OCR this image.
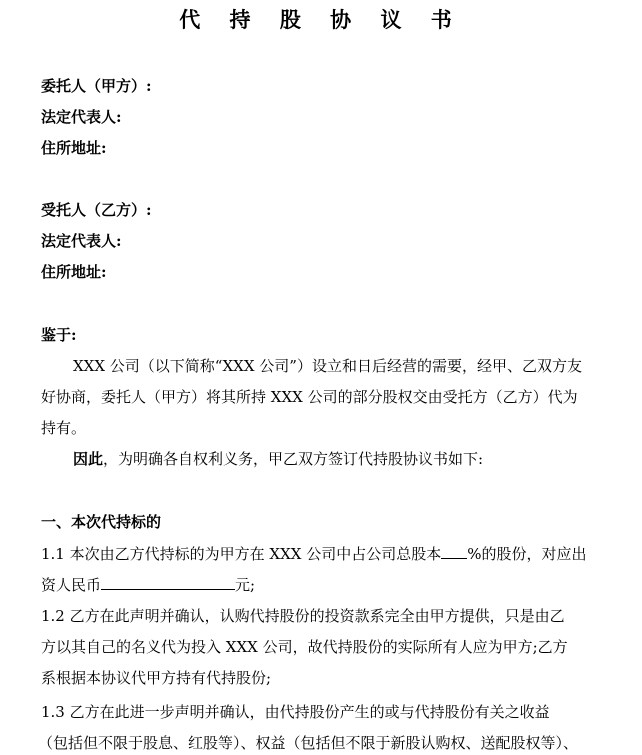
代 持 股 协 议 书
委托人（甲方）:
法定代表人:
住所地址:
受托人（乙方）:
法定代表人:
住所地址:
鉴于:
XXX 公司（以下简称“XXX 公司”）设立和日后经营的需要，经甲、乙双方友
好协商，委托人（甲方）将其所持 XXX 公司的部分股权交由受托方（乙方）代为
持有。
因此，为明确各自权利义务，甲乙双方签订代持股协议书如下:
一、本次代持标的
1.1 本次由乙方代持标的为甲方在 XXX 公司中占公司总股本 %的股份，对应出
资人民币	元;
1.2 乙方在此声明并确认，认购代持股份的投资款系完全由甲方提供，只是由乙
方以其自己的名义代为投入 XXX 公司，故代持股份的实际所有人应为甲方;乙方
系根据本协议代甲方持有代持股份;
1.3 乙方在此进一步声明并确认，由代持股份产生的或与代持股份有关之收益
（包括但不限于股息、红股等）、权益（包括但不限于新股认购权、送配股权等）、
